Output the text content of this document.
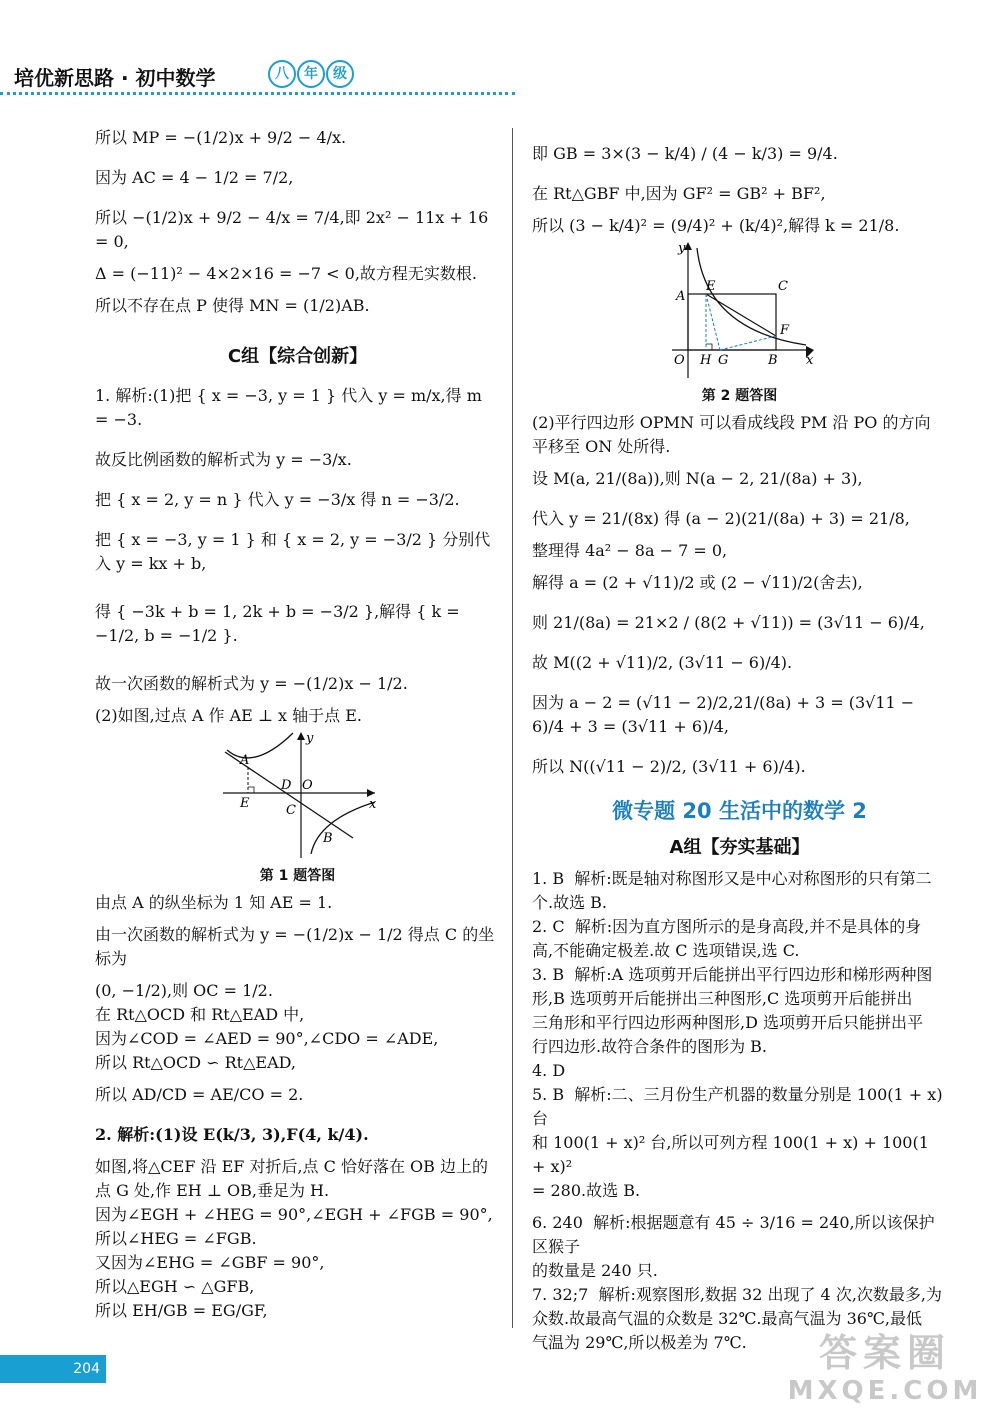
培优新思路 · 初中数学	八	年	级

所以 MP = −(1/2)x + 9/2 − 4/x.

因为 AC = 4 − 1/2 = 7/2,

所以 −(1/2)x + 9/2 − 4/x = 7/4,即 2x² − 11x + 16 = 0,

Δ = (−11)² − 4×2×16 = −7 < 0,故方程无实数根.

所以不存在点 P 使得 MN = (1/2)AB.

C组【综合创新】

1. 解析:(1)把 { x = −3, y = 1 } 代入 y = m/x,得 m = −3.

故反比例函数的解析式为 y = −3/x.

把 { x = 2, y = n } 代入 y = −3/x 得 n = −3/2.

把 { x = −3, y = 1 } 和 { x = 2, y = −3/2 } 分别代入 y = kx + b,

得 { −3k + b = 1, 2k + b = −3/2 },解得 { k = −1/2, b = −1/2 }.

故一次函数的解析式为 y = −(1/2)x − 1/2.

(2)如图,过点 A 作 AE ⊥ x 轴于点 E.

y
x
A
D O
E	C
B

第 1 题答图

由点 A 的纵坐标为 1 知 AE = 1.

由一次函数的解析式为 y = −(1/2)x − 1/2 得点 C 的坐标为

(0, −1/2),则 OC = 1/2.

在 Rt△OCD 和 Rt△EAD 中,

因为∠COD = ∠AED = 90°,∠CDO = ∠ADE,

所以 Rt△OCD ∽ Rt△EAD,

所以 AD/CD = AE/CO = 2.

2. 解析:(1)设 E(k/3, 3),F(4, k/4).

如图,将△CEF 沿 EF 对折后,点 C 恰好落在 OB 边上的

点 G 处,作 EH ⊥ OB,垂足为 H.

因为∠EGH + ∠HEG = 90°,∠EGH + ∠FGB = 90°,

所以∠HEG = ∠FGB.

又因为∠EHG = ∠GBF = 90°,

所以△EGH ∽ △GFB,

所以 EH/GB = EG/GF,

即 GB = 3×(3 − k/4) / (4 − k/3) = 9/4.

在 Rt△GBF 中,因为 GF² = GB² + BF²,

所以 (3 − k/4)² = (9/4)² + (k/4)²,解得 k = 21/8.

y
x
A
E	C
F
O H G	B

第 2 题答图

(2)平行四边形 OPMN 可以看成线段 PM 沿 PO 的方向

平移至 ON 处所得.

设 M(a, 21/(8a)),则 N(a − 2, 21/(8a) + 3),

代入 y = 21/(8x) 得 (a − 2)(21/(8a) + 3) = 21/8,

整理得 4a² − 8a − 7 = 0,

解得 a = (2 + √11)/2 或 (2 − √11)/2(舍去),

则 21/(8a) = 21×2 / (8(2 + √11)) = (3√11 − 6)/4,

故 M((2 + √11)/2, (3√11 − 6)/4).

因为 a − 2 = (√11 − 2)/2,21/(8a) + 3 = (3√11 − 6)/4 + 3 = (3√11 + 6)/4,

所以 N((√11 − 2)/2, (3√11 + 6)/4).

微专题 20 生活中的数学 2

A组【夯实基础】

1. B  解析:既是轴对称图形又是中心对称图形的只有第二

个.故选 B.

2. C  解析:因为直方图所示的是身高段,并不是具体的身

高,不能确定极差.故 C 选项错误,选 C.

3. B  解析:A 选项剪开后能拼出平行四边形和梯形两种图

形,B 选项剪开后能拼出三种图形,C 选项剪开后能拼出

三角形和平行四边形两种图形,D 选项剪开后只能拼出平

行四边形.故符合条件的图形为 B.

4. D

5. B  解析:二、三月份生产机器的数量分别是 100(1 + x)台

和 100(1 + x)² 台,所以可列方程 100(1 + x) + 100(1 + x)²

= 280.故选 B.

6. 240  解析:根据题意有 45 ÷ 3/16 = 240,所以该保护区猴子

的数量是 240 只.

7. 32;7  解析:观察图形,数据 32 出现了 4 次,次数最多,为

众数.故最高气温的众数是 32℃.最高气温为 36℃,最低

气温为 29℃,所以极差为 7℃.

204	答案圈
MXQE.COM
